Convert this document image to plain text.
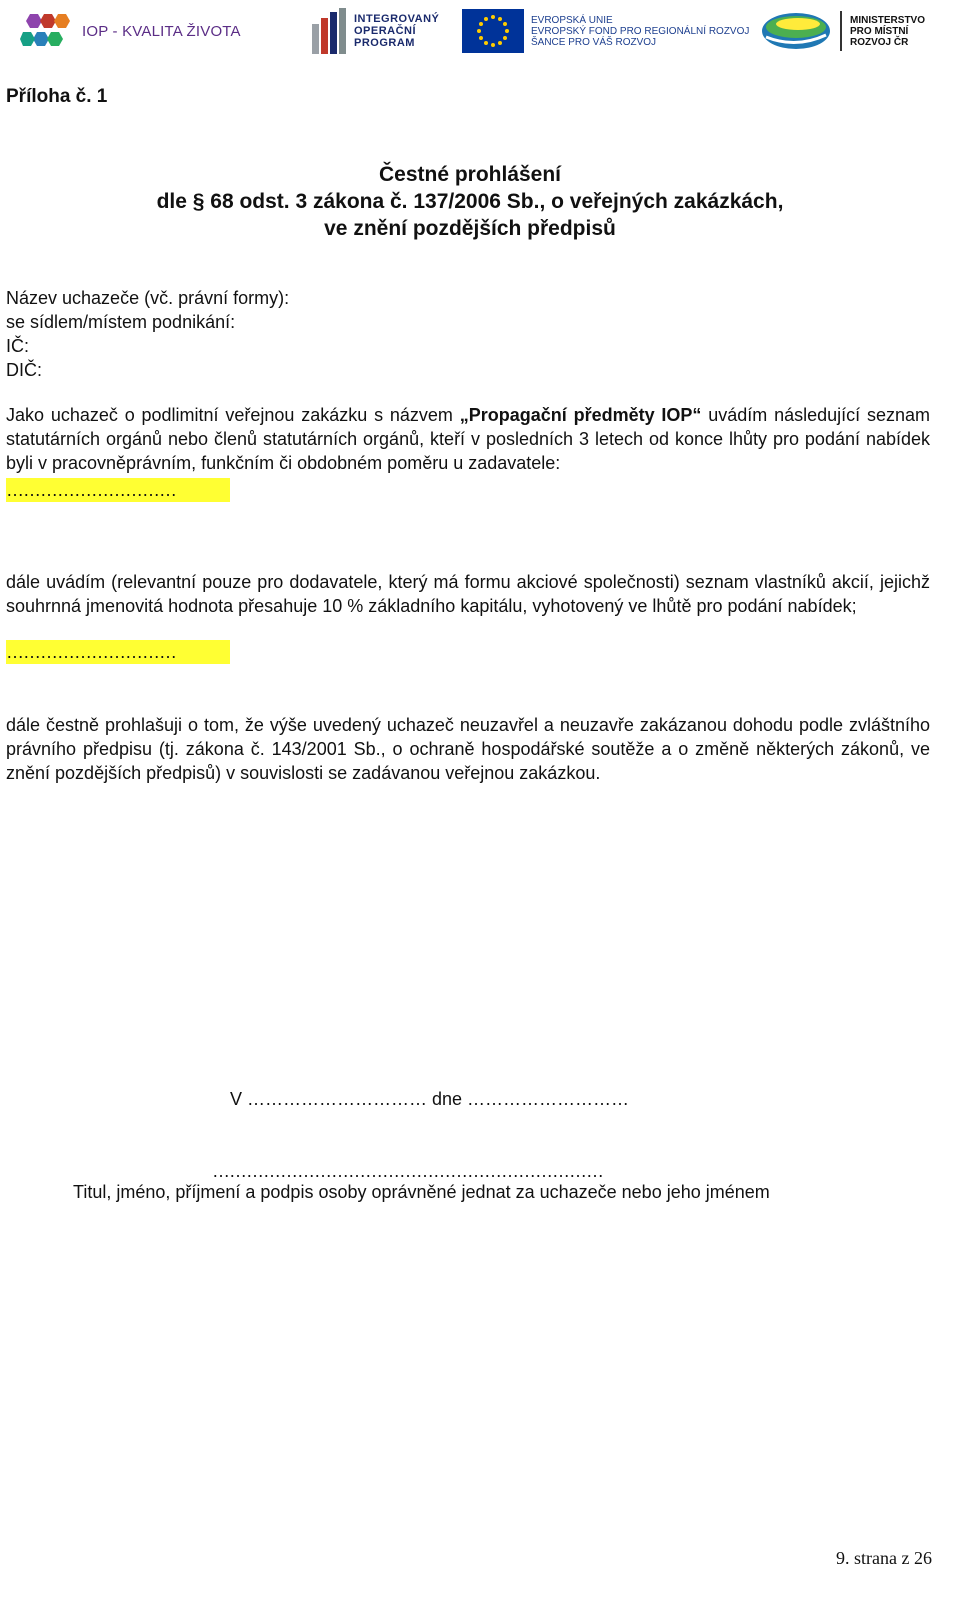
IOP - KVALITA ŽIVOTA
INTEGROVANÝ
OPERAČNÍ
PROGRAM
EVROPSKÁ UNIE
EVROPSKÝ FOND PRO REGIONÁLNÍ ROZVOJ
ŠANCE PRO VÁŠ ROZVOJ
MINISTERSTVO
PRO MÍSTNÍ
ROZVOJ ČR
Příloha č. 1
Čestné prohlášení
dle § 68 odst. 3 zákona č. 137/2006 Sb., o veřejných zakázkách,
ve znění pozdějších předpisů
Název uchazeče (vč. právní formy):
se sídlem/místem podnikání:
IČ:
DIČ:
Jako uchazeč o podlimitní veřejnou zakázku s názvem „Propagační předměty IOP“ uvádím následující seznam statutárních orgánů nebo členů statutárních orgánů, kteří v posledních 3 letech od konce lhůty pro podání nabídek byli v pracovněprávním, funkčním či obdobném poměru u zadavatele:
…………………………
dále uvádím (relevantní pouze pro dodavatele, který má formu akciové společnosti) seznam vlastníků akcií, jejichž souhrnná jmenovitá hodnota přesahuje 10 % základního kapitálu, vyhotovený ve lhůtě pro podání nabídek;
…………………………
dále čestně prohlašuji o tom, že výše uvedený uchazeč neuzavřel a neuzavře zakázanou dohodu podle zvláštního právního předpisu (tj. zákona č. 143/2001 Sb., o ochraně hospodářské soutěže a o změně některých zákonů, ve znění pozdějších předpisů) v souvislosti se zadávanou veřejnou zakázkou.
V ………………………… dne ………………………
……………………………………………………………
Titul, jméno, příjmení a podpis osoby oprávněné jednat za uchazeče nebo jeho jménem
9. strana z 26
